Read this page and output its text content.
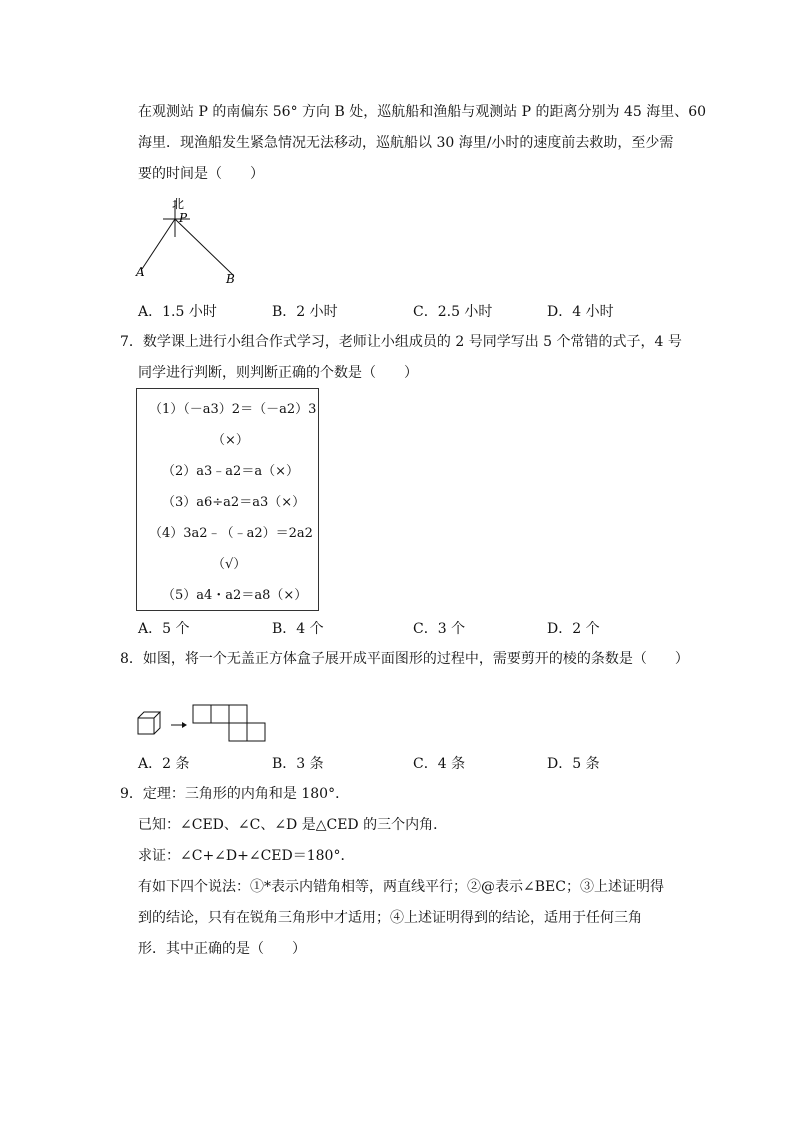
在观测站 P 的南偏东 56° 方向 B 处，巡航船和渔船与观测站 P 的距离分别为 45 海里、60
海里．现渔船发生紧急情况无法移动，巡航船以 30 海里/小时的速度前去救助，至少需
要的时间是（　　）
北
P
A	B
A．1.5 小时	B．2 小时	C．2.5 小时	D．4 小时
7．数学课上进行小组合作式学习，老师让小组成员的 2 号同学写出 5 个常错的式子，4 号
同学进行判断，则判断正确的个数是（　　）
（1）（－a3）2＝（－a2）3
（×）
（2）a3﹣a2＝a（×）
（3）a6÷a2＝a3（×）
（4）3a2﹣（﹣a2）＝2a2
（√）
（5）a4・a2＝a8（×）
A．5 个	B．4 个	C．3 个	D．2 个
8．如图，将一个无盖正方体盒子展开成平面图形的过程中，需要剪开的棱的条数是（　　）
A．2 条	B．3 条	C．4 条	D．5 条
9．定理：三角形的内角和是 180°．
已知：∠CED、∠C、∠D 是△CED 的三个内角．
求证：∠C+∠D+∠CED＝180°．
有如下四个说法：①*表示内错角相等，两直线平行；②@表示∠BEC；③上述证明得
到的结论，只有在锐角三角形中才适用；④上述证明得到的结论，适用于任何三角
形．其中正确的是（　　）
